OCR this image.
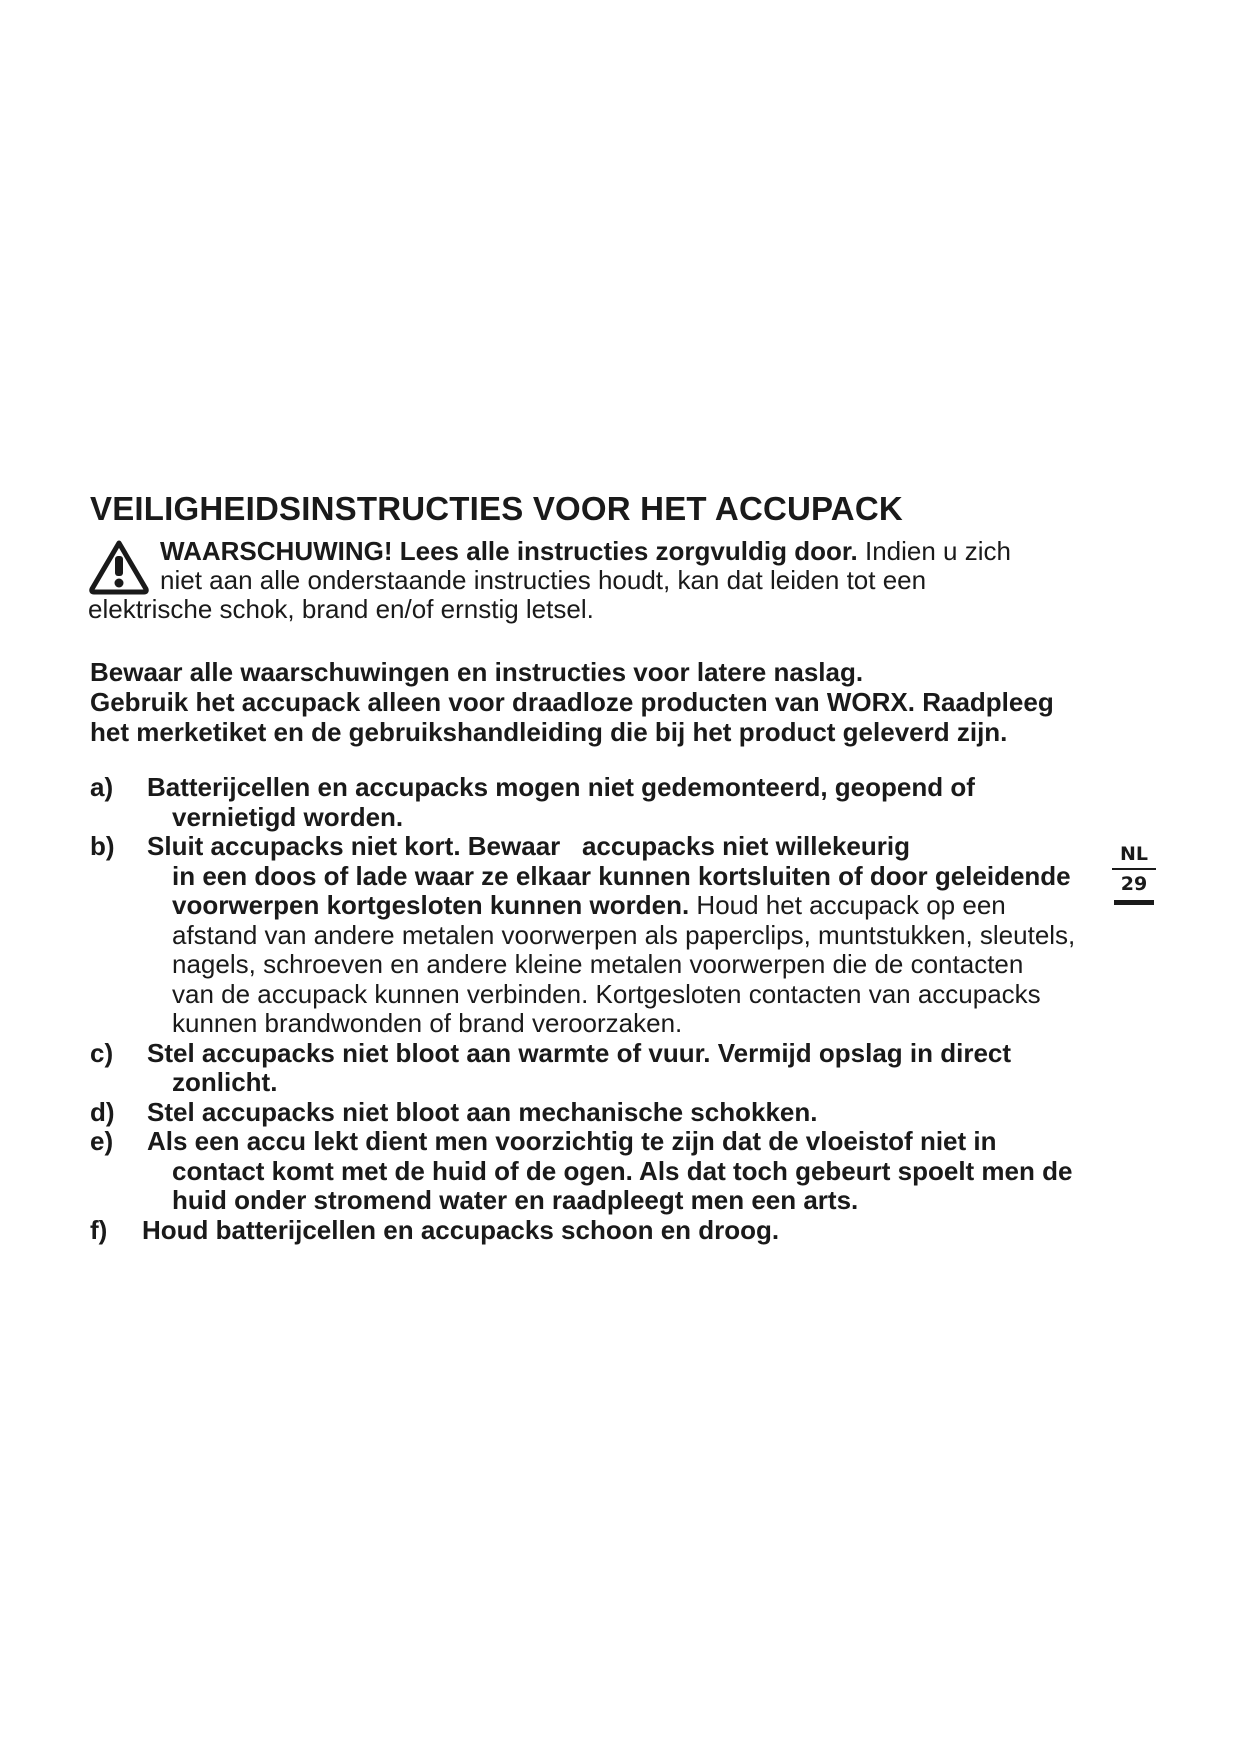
VEILIGHEIDSINSTRUCTIES VOOR HET ACCUPACK
WAARSCHUWING! Lees alle instructies zorgvuldig door. Indien u zich
niet aan alle onderstaande instructies houdt, kan dat leiden tot een
elektrische schok, brand en/of ernstig letsel.
Bewaar alle waarschuwingen en instructies voor latere naslag.
Gebruik het accupack alleen voor draadloze producten van WORX. Raadpleeg
het merketiket en de gebruikshandleiding die bij het product geleverd zijn.
a)	Batterijcellen en accupacks mogen niet gedemonteerd, geopend of
vernietigd worden.
b)	Sluit accupacks niet kort. Bewaar   accupacks niet willekeurig
in een doos of lade waar ze elkaar kunnen kortsluiten of door geleidende
voorwerpen kortgesloten kunnen worden. Houd het accupack op een
afstand van andere metalen voorwerpen als paperclips, muntstukken, sleutels,
nagels, schroeven en andere kleine metalen voorwerpen die de contacten
van de accupack kunnen verbinden. Kortgesloten contacten van accupacks
kunnen brandwonden of brand veroorzaken.
c)	Stel accupacks niet bloot aan warmte of vuur. Vermijd opslag in direct
zonlicht.
d)	Stel accupacks niet bloot aan mechanische schokken.
e)	Als een accu lekt dient men voorzichtig te zijn dat de vloeistof niet in
contact komt met de huid of de ogen. Als dat toch gebeurt spoelt men de
huid onder stromend water en raadpleegt men een arts.
f)	Houd batterijcellen en accupacks schoon en droog.
NL
29
